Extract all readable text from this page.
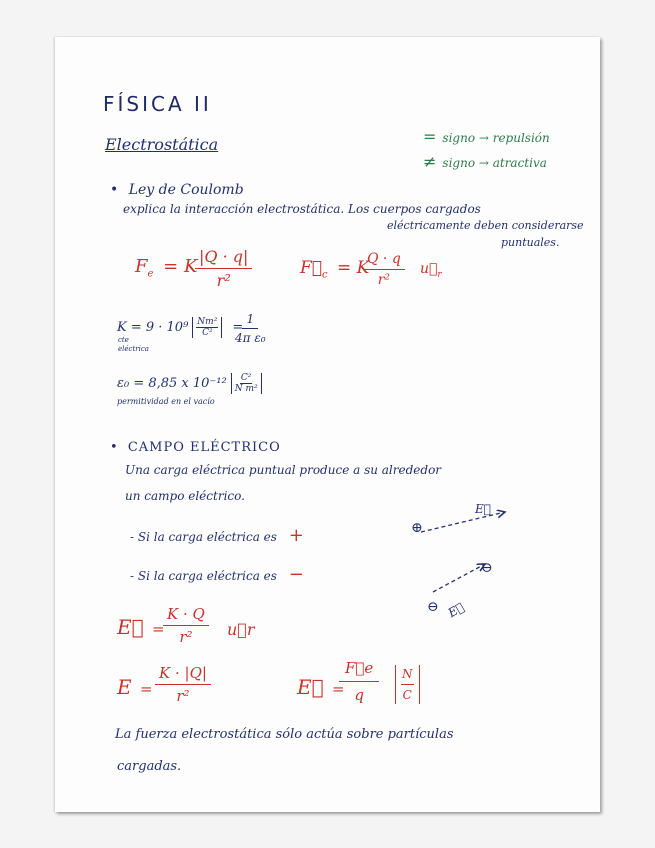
FÍSICA II
Electrostática	= signo → repulsión
≠ signo → atractiva
• Ley de Coulomb
explica la interacción electrostática. Los cuerpos cargados
eléctricamente deben considerarse
puntuales.
$F_e = K$
$\frac{|Q \cdot q|}{\text{r²}}$	$F⃗_c = K$
$\frac{Q \cdot q}{\text{r²}}$ $u⃗_r$
$K = 9 \cdot 10^9 \frac{\text{Nm²}}{\text{C²}}$ =
$\frac{1}{\text{4π ε₀}}$
cte
eléctrica
ε₀ = 8,85 x $10^{-12} \frac{\text{C²}}{\text{N m²}}$
permitividad en el vacío
• CAMPO ELÉCTRICO
Una carga eléctrica puntual produce a su alrededor
un campo eléctrico.
- Si la carga eléctrica es +
- Si la carga eléctrica es −
⊕
⊖
⊖
E⃗
E⃗
E⃗ =
$\frac{K \cdot Q}{\text{r²}}$ u⃗r
$E = \frac{K \cdot |Q|}{\text{r²}}$	E⃗ =
$\frac{F⃗e}{q} \frac{N}{C}$
La fuerza electrostática sólo actúa sobre partículas
cargadas.
